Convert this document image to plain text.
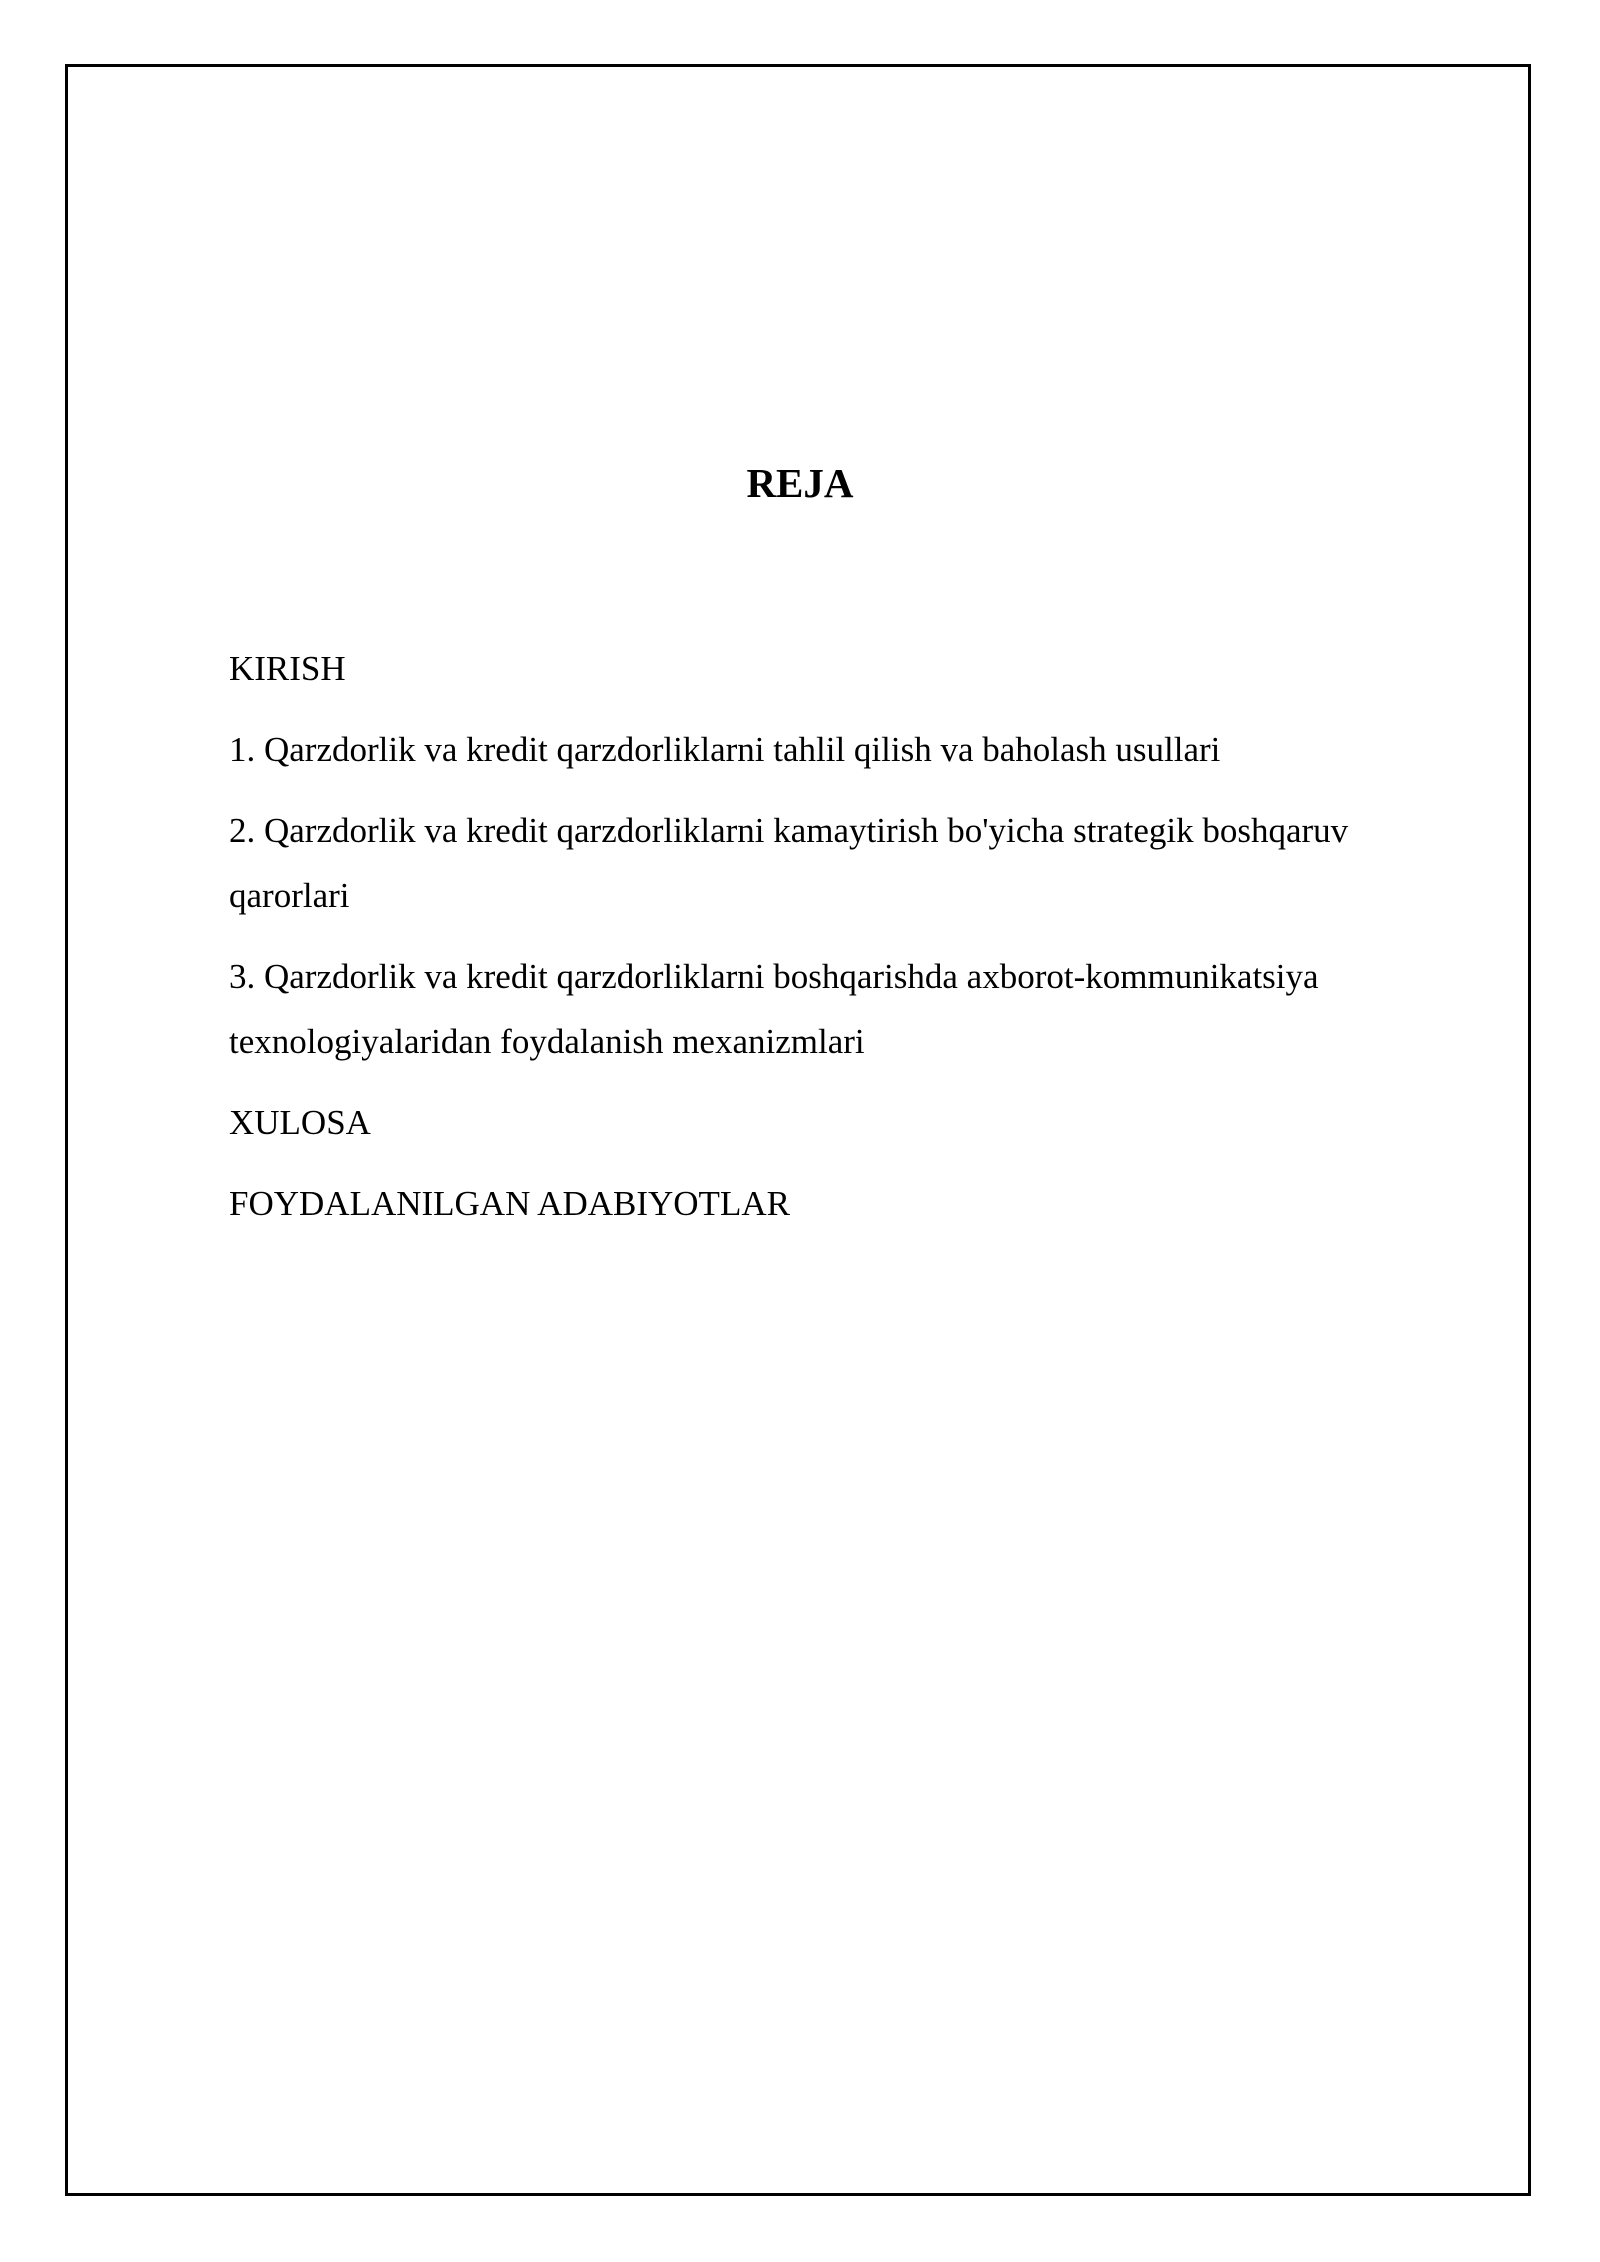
REJA
KIRISH
1. Qarzdorlik va kredit qarzdorliklarni tahlil qilish va baholash usullari
2. Qarzdorlik va kredit qarzdorliklarni kamaytirish bo'yicha strategik boshqaruv qarorlari
3. Qarzdorlik va kredit qarzdorliklarni boshqarishda axborot-kommunikatsiya texnologiyalaridan foydalanish mexanizmlari
XULOSA
FOYDALANILGAN ADABIYOTLAR
